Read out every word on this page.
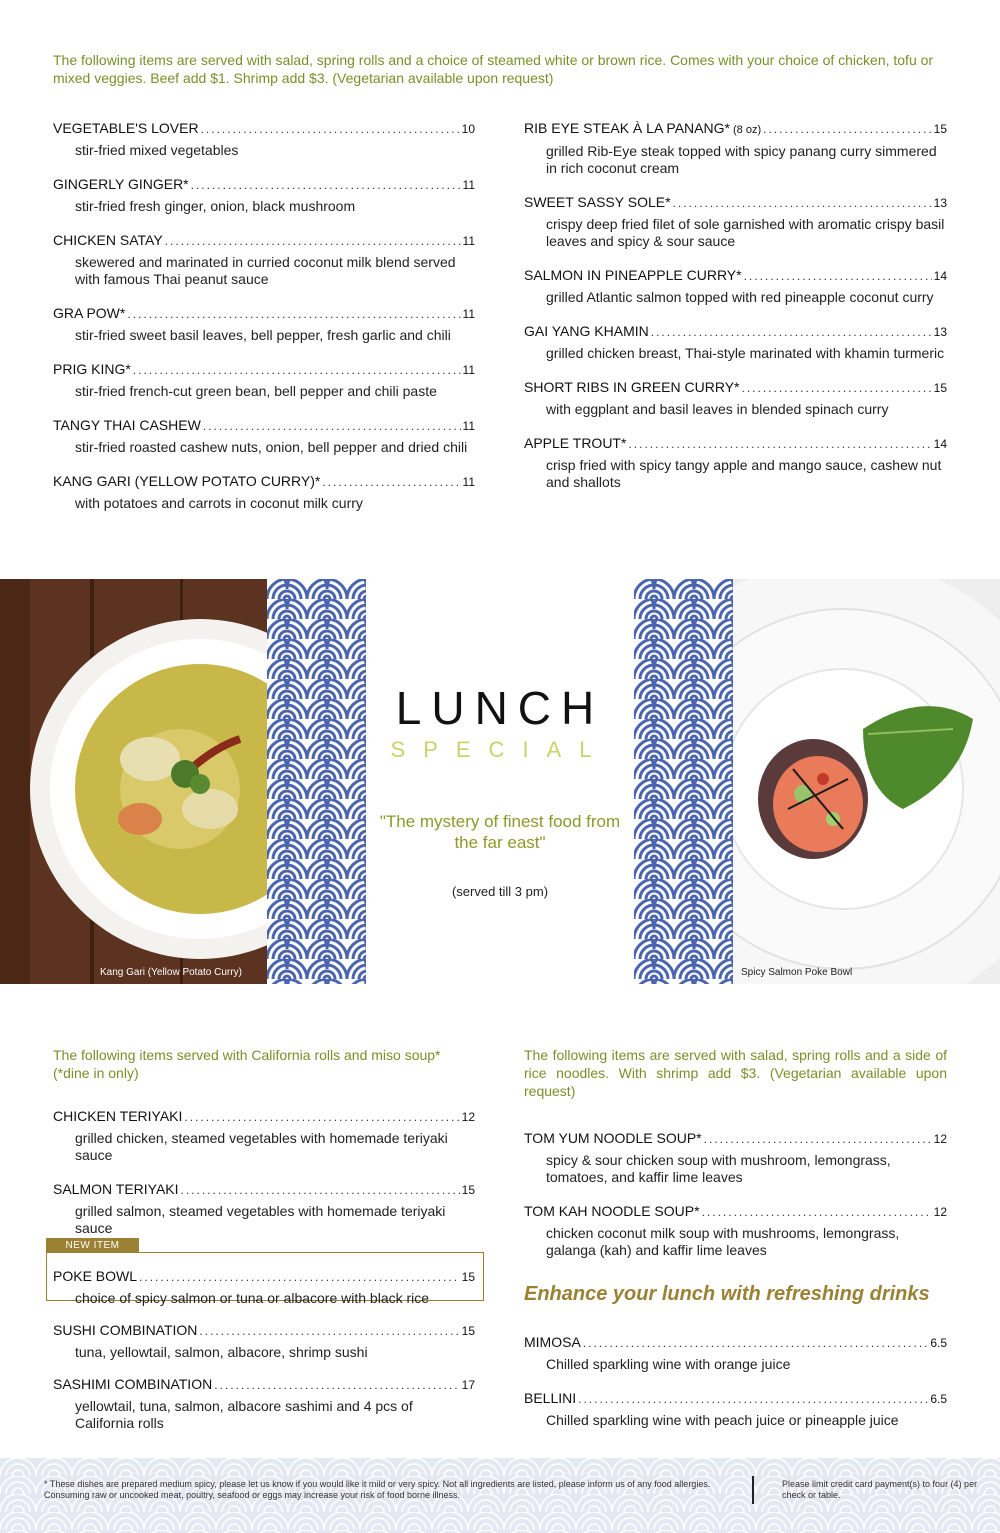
The following items are served with salad, spring rolls and a choice of steamed white or brown rice. Comes with your choice of chicken, tofu or mixed veggies. Beef add $1. Shrimp add $3. (Vegetarian available upon request)
VEGETABLE'S LOVER .....	10
stir-fried mixed vegetables
GINGERLY GINGER* .....	11
stir-fried fresh ginger, onion, black mushroom
CHICKEN SATAY .....	11
skewered and marinated in curried coconut milk blend served with famous Thai peanut sauce
GRA POW* .....	11
stir-fried sweet basil leaves, bell pepper, fresh garlic and chili
PRIG KING* .....	11
stir-fried french-cut green bean, bell pepper and chili paste
TANGY THAI CASHEW .....	11
stir-fried roasted cashew nuts, onion, bell pepper and dried chili
KANG GARI (YELLOW POTATO CURRY)* .....	11
with potatoes and carrots in coconut milk curry
RIB EYE STEAK À LA PANANG* (8 oz) .....	15
grilled Rib-Eye steak topped with spicy panang curry simmered in rich coconut cream
SWEET SASSY SOLE* .....	13
crispy deep fried filet of sole garnished with aromatic crispy basil leaves and spicy & sour sauce
SALMON IN PINEAPPLE CURRY* .....	14
grilled Atlantic salmon topped with red pineapple coconut curry
GAI YANG KHAMIN .....	13
grilled chicken breast, Thai-style marinated with khamin turmeric
SHORT RIBS IN GREEN CURRY* .....	15
with eggplant and basil leaves in blended spinach curry
APPLE TROUT* .....	14
crisp fried with spicy tangy apple and mango sauce, cashew nut and shallots
Kang Gari (Yellow Potato Curry)
LUNCH
SPECIAL
"The mystery of finest food from the far east"
(served till 3 pm)
Spicy Salmon Poke Bowl
The following items served with California rolls and miso soup* (*dine in only)
NEW ITEM
CHICKEN TERIYAKI .....	12
grilled chicken, steamed vegetables with homemade teriyaki sauce
SALMON TERIYAKI .....	15
grilled salmon, steamed vegetables with homemade teriyaki sauce
POKE BOWL .....	15
choice of spicy salmon or tuna or albacore with black rice
SUSHI COMBINATION .....	15
tuna, yellowtail, salmon, albacore, shrimp sushi
SASHIMI COMBINATION .....	17
yellowtail, tuna, salmon, albacore sashimi and 4 pcs of California rolls
The following items are served with salad, spring rolls and a side of rice noodles. With shrimp add $3. (Vegetarian available upon request)
TOM YUM NOODLE SOUP* .....	12
spicy & sour chicken soup with mushroom, lemongrass, tomatoes, and kaffir lime leaves
TOM KAH NOODLE SOUP* .....	12
chicken coconut milk soup with mushrooms, lemongrass, galanga (kah) and kaffir lime leaves
Enhance your lunch with refreshing drinks
MIMOSA .....	6.5
Chilled sparkling wine with orange juice
BELLINI .....	6.5
Chilled sparkling wine with peach juice or pineapple juice
* These dishes are prepared medium spicy, please let us know if you would like it mild or very spicy. Not all ingredients are listed, please inform us of any food allergies. Consuming raw or uncooked meat, poultry, seafood or eggs may increase your risk of food borne illness.
Please limit credit card payment(s) to four (4) per check or table.
